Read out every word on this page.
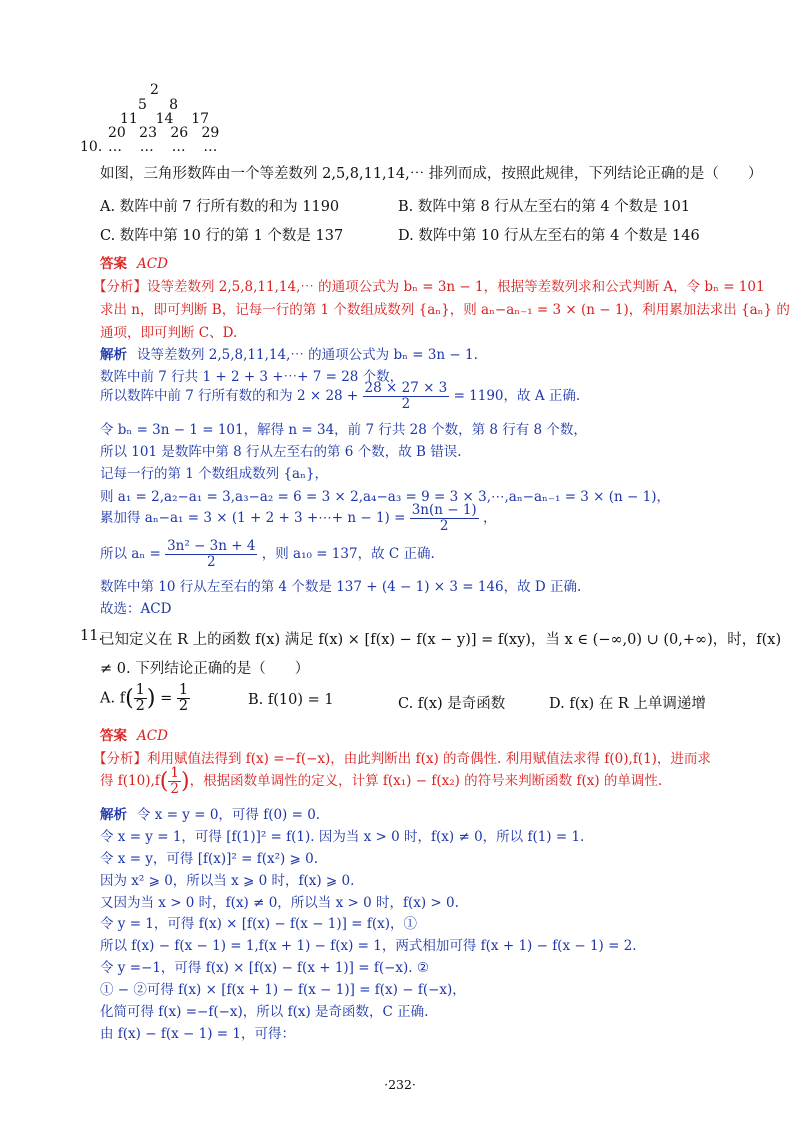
2
5     8
11    14    17
20   23   26   29
…    …    …    …
10.
如图，三角形数阵由一个等差数列 2,5,8,11,14,⋯ 排列而成，按照此规律，下列结论正确的是（　　）
A. 数阵中前 7 行所有数的和为 1190	B. 数阵中第 8 行从左至右的第 4 个数是 101
C. 数阵中第 10 行的第 1 个数是 137	D. 数阵中第 10 行从左至右的第 4 个数是 146
答案 ACD
【分析】设等差数列 2,5,8,11,14,⋯ 的通项公式为 bₙ = 3n − 1，根据等差数列求和公式判断 A，令 bₙ = 101
求出 n，即可判断 B，记每一行的第 1 个数组成数列 {aₙ}，则 aₙ−aₙ₋₁ = 3 × (n − 1)，利用累加法求出 {aₙ} 的
通项，即可判断 C、D.
解析 设等差数列 2,5,8,11,14,⋯ 的通项公式为 bₙ = 3n − 1.
数阵中前 7 行共 1 + 2 + 3 +⋯+ 7 = 28 个数，
所以数阵中前 7 行所有数的和为 $2 \times 28 + \frac{28 \times 27 \times 3}{2} = 1190$，故 A 正确.
令 bₙ = 3n − 1 = 101，解得 n = 34，前 7 行共 28 个数，第 8 行有 8 个数，
所以 101 是数阵中第 8 行从左至右的第 6 个数，故 B 错误.
记每一行的第 1 个数组成数列 {aₙ}，
则 a₁ = 2,a₂−a₁ = 3,a₃−a₂ = 6 = 3 × 2,a₄−a₃ = 9 = 3 × 3,⋯,aₙ−aₙ₋₁ = 3 × (n − 1)，
累加得 aₙ−a₁ = 3 × (1 + 2 + 3 +⋯+ $n - 1) = \frac{3n(n - 1)}{2}$ ，
所以 $a_n = \frac{\text{3n² − 3n + 4}}{2}$ ，则 a₁₀ = 137，故 C 正确.
数阵中第 10 行从左至右的第 4 个数是 137 + (4 − 1) × 3 = 146，故 D 正确.
故选：ACD
11.
已知定义在 R 上的函数 f(x) 满足 f(x) × [f(x) − f(x − y)] = f(xy)，当 x ∈ (−∞,0) ∪ (0,+∞)，时，f(x)
≠ 0. 下列结论正确的是（　　）
A. $f( \frac{1}{2}$ ) = $\frac{1}{2}$	B. f(10) = 1	C. f(x) 是奇函数	D. f(x) 在 R 上单调递增
答案 ACD
【分析】利用赋值法得到 f(x) =−f(−x)，由此判断出 f(x) 的奇偶性. 利用赋值法求得 f(0),f(1)，进而求
得 $f(10),f( \frac{1}{2}$ )，根据函数单调性的定义，计算 f(x₁) − f(x₂) 的符号来判断函数 f(x) 的单调性.
解析 令 x = y = 0，可得 f(0) = 0.
令 x = y = 1，可得 [f(1)]² = f(1). 因为当 x > 0 时，f(x) ≠ 0，所以 f(1) = 1.
令 x = y，可得 [f(x)]² = f(x²) ⩾ 0.
因为 x² ⩾ 0，所以当 x ⩾ 0 时，f(x) ⩾ 0.
又因为当 x > 0 时，f(x) ≠ 0，所以当 x > 0 时，f(x) > 0.
令 y = 1，可得 f(x) × [f(x) − f(x − 1)] = f(x)，①
所以 f(x) − f(x − 1) = 1,f(x + 1) − f(x) = 1，两式相加可得 f(x + 1) − f(x − 1) = 2.
令 y =−1，可得 f(x) × [f(x) − f(x + 1)] = f(−x). ②
① − ②可得 f(x) × [f(x + 1) − f(x − 1)] = f(x) − f(−x)，
化简可得 f(x) =−f(−x)，所以 f(x) 是奇函数，C 正确.
由 f(x) − f(x − 1) = 1，可得：
·232·
